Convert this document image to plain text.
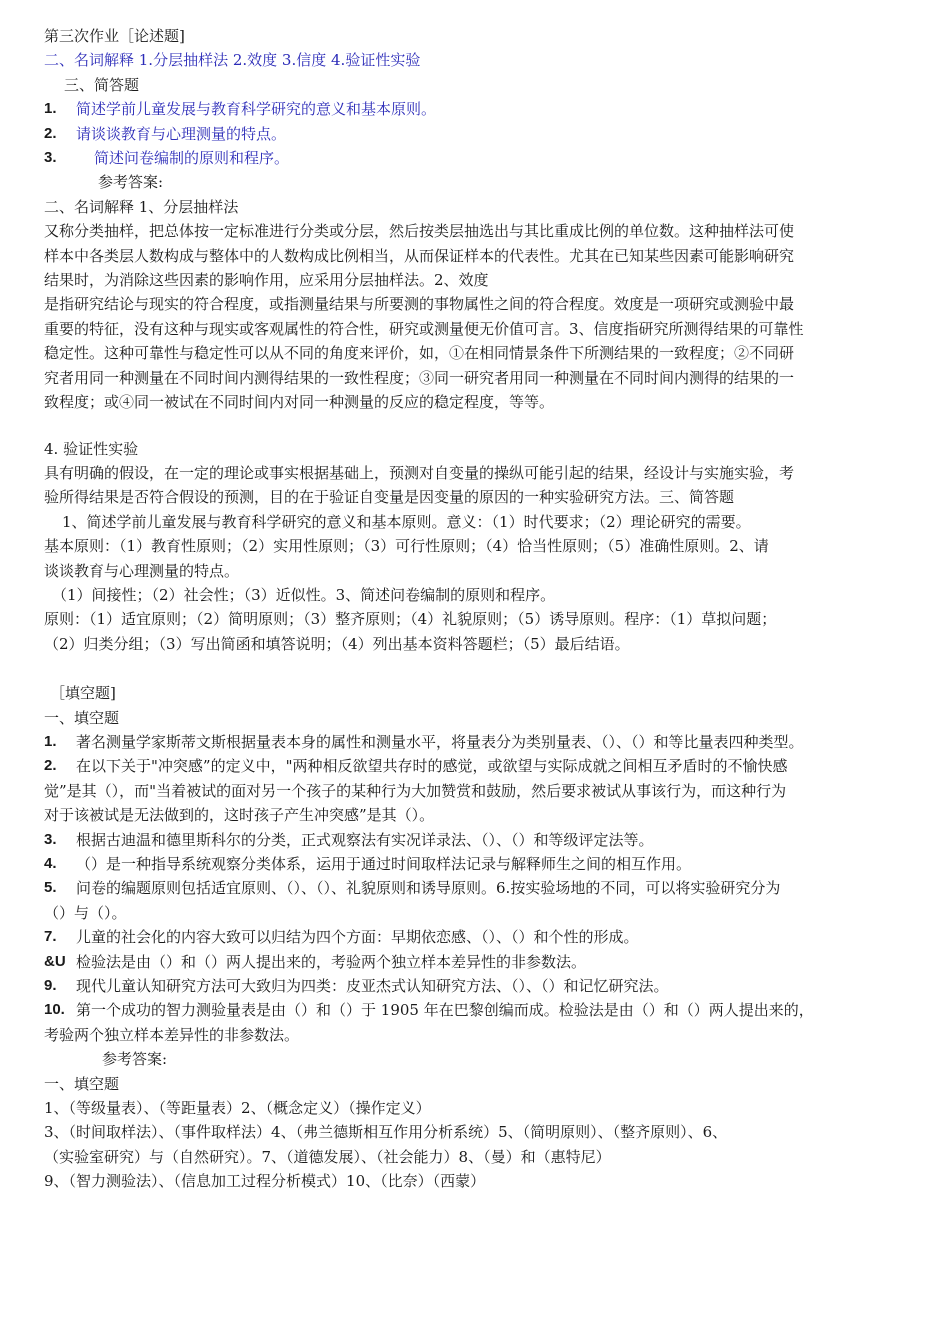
第三次作业［论述题]

二、名词解释 1.分层抽样法 2.效度 3.信度 4.验证性实验

三、简答题

1.	简述学前儿童发展与教育科学研究的意义和基本原则。
2.	请谈谈教育与心理测量的特点。
3.	简述问卷编制的原则和程序。

参考答案:

二、名词解释 1、分层抽样法

又称分类抽样，把总体按一定标准进行分类或分层，然后按类层抽选出与其比重成比例的单位数。这种抽样法可使

样本中各类层人数构成与整体中的人数构成比例相当，从而保证样本的代表性。尤其在已知某些因素可能影响研究

结果时，为消除这些因素的影响作用，应采用分层抽样法。2、效度

是指研究结论与现实的符合程度，或指测量结果与所要测的事物属性之间的符合程度。效度是一项研究或测验中最

重要的特征，没有这种与现实或客观属性的符合性，研究或测量便无价值可言。3、信度指研究所测得结果的可靠性

稳定性。这种可靠性与稳定性可以从不同的角度来评价，如，①在相同情景条件下所测结果的一致程度；②不同研

究者用同一种测量在不同时间内测得结果的一致性程度；③同一研究者用同一种测量在不同时间内测得的结果的一

致程度；或④同一被试在不同时间内对同一种测量的反应的稳定程度，等等。

4. 验证性实验

具有明确的假设，在一定的理论或事实根据基础上，预测对自变量的操纵可能引起的结果，经设计与实施实验，考

验所得结果是否符合假设的预测，目的在于验证自变量是因变量的原因的一种实验研究方法。三、简答题

1、简述学前儿童发展与教育科学研究的意义和基本原则。意义：（1）时代要求；（2）理论研究的需要。

基本原则：（1）教育性原则；（2）实用性原则；（3）可行性原则；（4）恰当性原则；（5）准确性原则。2、请

谈谈教育与心理测量的特点。

（1）间接性；（2）社会性；（3）近似性。3、简述问卷编制的原则和程序。

原则：（1）适宜原则；（2）简明原则；（3）整齐原则；（4）礼貌原则；（5）诱导原则。程序：（1）草拟问题；

（2）归类分组；（3）写出简函和填答说明；（4）列出基本资料答题栏；（5）最后结语。

［填空题]

一、填空题

1.	著名测量学家斯蒂文斯根据量表本身的属性和测量水平，将量表分为类别量表、（）、（）和等比量表四种类型。
2.	在以下关于"冲突感”的定义中，"两种相反欲望共存时的感觉，或欲望与实际成就之间相互矛盾时的不愉快感

觉”是其（），而"当着被试的面对另一个孩子的某种行为大加赞赏和鼓励，然后要求被试从事该行为，而这种行为

对于该被试是无法做到的，这时孩子产生冲突感”是其（）。

3.	根据古迪温和德里斯科尔的分类，正式观察法有实况详录法、（）、（）和等级评定法等。
4.	（）是一种指导系统观察分类体系，运用于通过时间取样法记录与解释师生之间的相互作用。
5.	问卷的编题原则包括适宜原则、（）、（）、礼貌原则和诱导原则。6.按实验场地的不同，可以将实验研究分为

（）与（）。

7.	儿童的社会化的内容大致可以归结为四个方面：早期依恋感、（）、（）和个性的形成。
&U 检验法是由（）和（）两人提出来的，考验两个独立样本差异性的非参数法。
9.	现代儿童认知研究方法可大致归为四类：皮亚杰式认知研究方法、（）、（）和记忆研究法。
10. 第一个成功的智力测验量表是由（）和（）于 1905 年在巴黎创编而成。检验法是由（）和（）两人提出来的，

考验两个独立样本差异性的非参数法。

参考答案:

一、填空题

1、（等级量表）、（等距量表）2、（概念定义）（操作定义）

3、（时间取样法）、（事件取样法）4、（弗兰德斯相互作用分析系统）5、（简明原则）、（整齐原则）、6、

（实验室研究）与（自然研究）。7、（道德发展）、（社会能力）8、（曼）和（惠特尼）

9、（智力测验法）、（信息加工过程分析模式）10、（比奈）（西蒙）
